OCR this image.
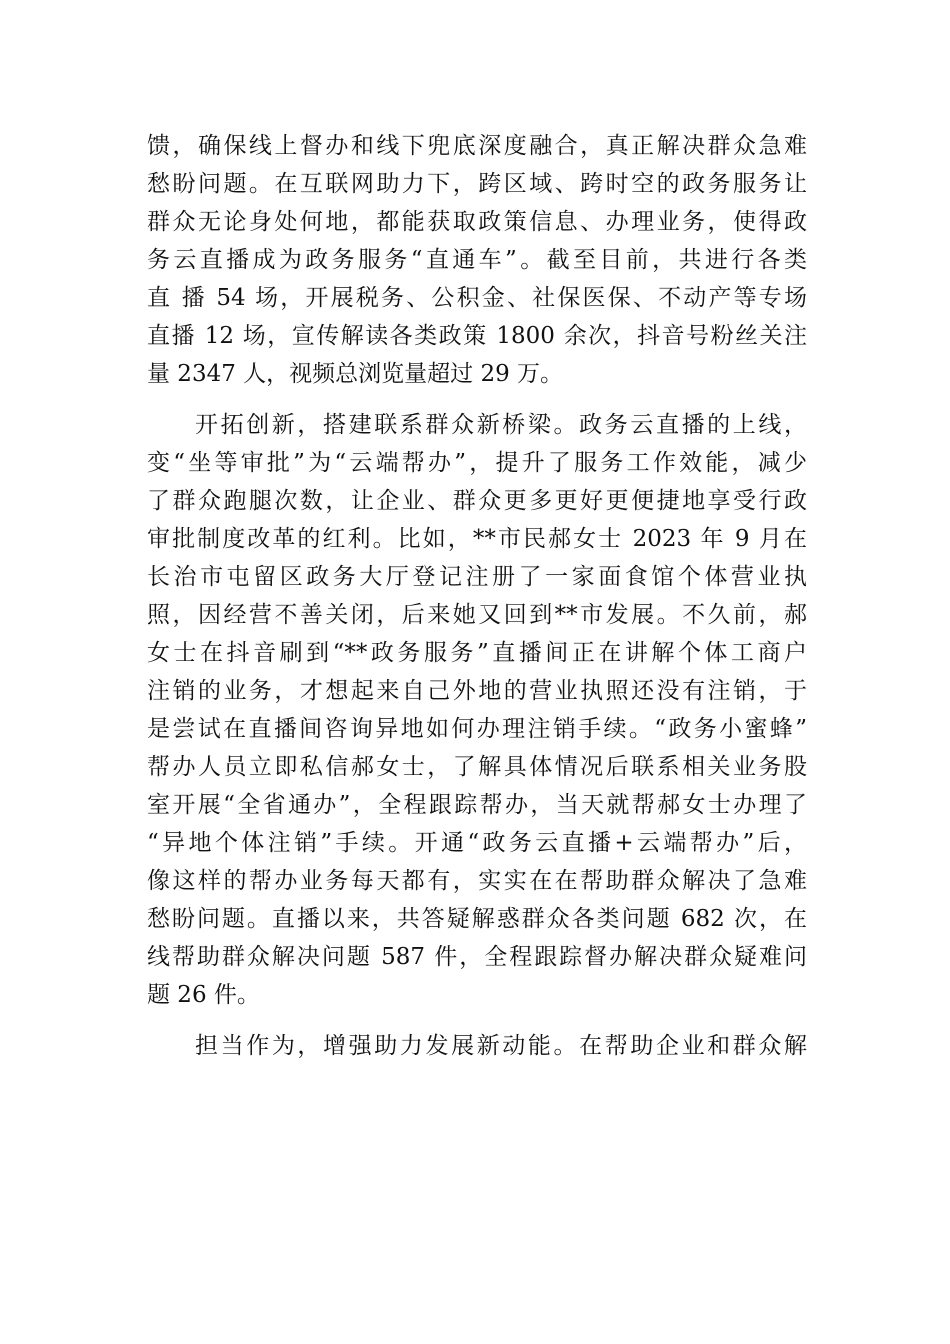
馈，确保线上督办和线下兜底深度融合，真正解决群众急难
愁盼问题。在互联网助力下，跨区域、跨时空的政务服务让
群众无论身处何地，都能获取政策信息、办理业务，使得政
务云直播成为政务服务“直通车”。截至目前，共进行各类
直 播 54 场，开展税务、公积金、社保医保、不动产等专场
直播 12 场，宣传解读各类政策 1800 余次，抖音号粉丝关注
量 2347 人，视频总浏览量超过 29 万。
开拓创新，搭建联系群众新桥梁。政务云直播的上线，
变“坐等审批”为“云端帮办”，提升了服务工作效能，减少
了群众跑腿次数，让企业、群众更多更好更便捷地享受行政
审批制度改革的红利。比如，**市民郝女士 2023 年 9 月在
长治市屯留区政务大厅登记注册了一家面食馆个体营业执
照，因经营不善关闭，后来她又回到**市发展。不久前，郝
女士在抖音刷到“**政务服务”直播间正在讲解个体工商户
注销的业务，才想起来自己外地的营业执照还没有注销，于
是尝试在直播间咨询异地如何办理注销手续。“政务小蜜蜂”
帮办人员立即私信郝女士，了解具体情况后联系相关业务股
室开展“全省通办”，全程跟踪帮办，当天就帮郝女士办理了
“异地个体注销”手续。开通“政务云直播+云端帮办”后，
像这样的帮办业务每天都有，实实在在帮助群众解决了急难
愁盼问题。直播以来，共答疑解惑群众各类问题 682 次，在
线帮助群众解决问题 587 件，全程跟踪督办解决群众疑难问
题 26 件。
担当作为，增强助力发展新动能。在帮助企业和群众解
